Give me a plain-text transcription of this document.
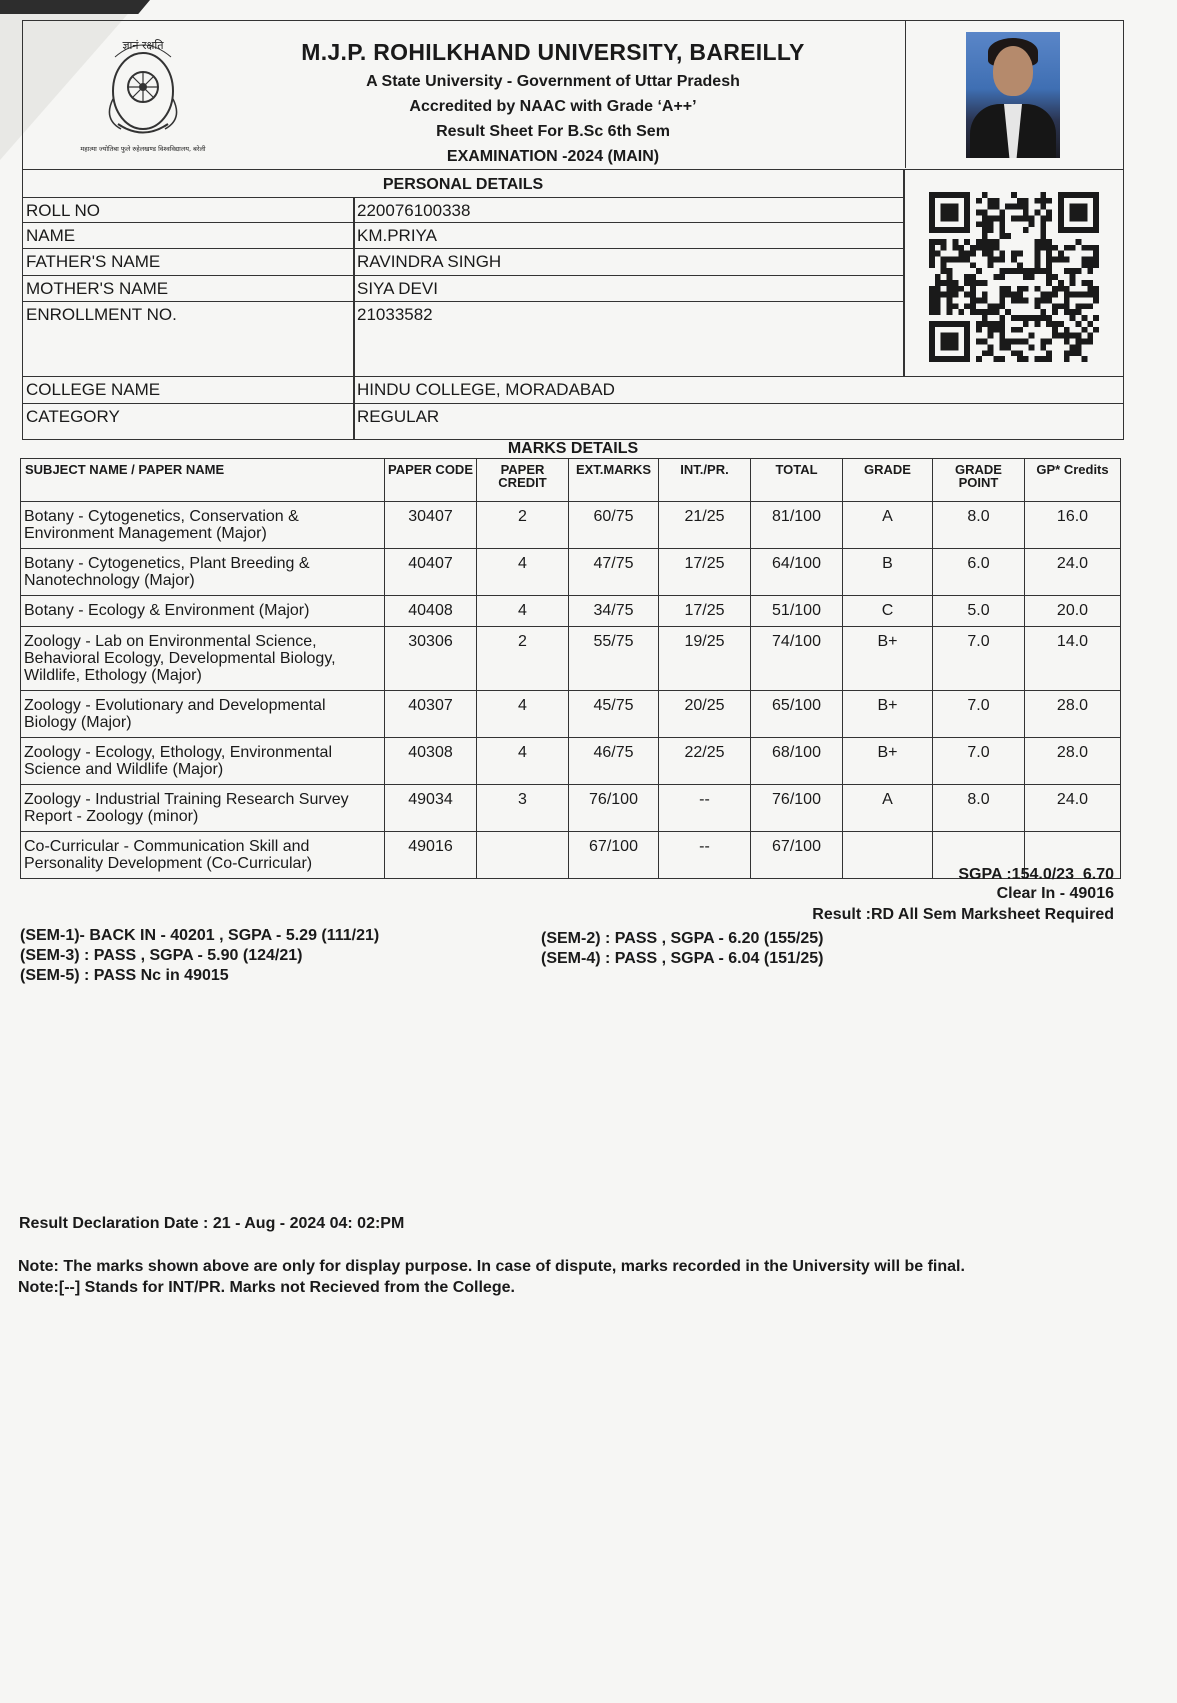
ज्ञानं रक्षति
महात्मा ज्योतिबा फुले रुहेलखण्ड विश्वविद्यालय, बरेली
M.J.P. ROHILKHAND UNIVERSITY, BAREILLY
A State University - Government of Uttar Pradesh
Accredited by NAAC with Grade ‘A++’
Result Sheet For B.Sc 6th Sem
EXAMINATION -2024 (MAIN)
PERSONAL DETAILS
ROLL NO	220076100338
NAME	KM.PRIYA
FATHER'S NAME	RAVINDRA SINGH
MOTHER'S NAME	SIYA DEVI
ENROLLMENT NO.	21033582
COLLEGE NAME	HINDU COLLEGE, MORADABAD
CATEGORY	REGULAR
MARKS DETAILS
SUBJECT NAME / PAPER NAME	PAPER CODE	PAPER CREDIT	EXT.MARKS	INT./PR.	TOTAL	GRADE	GRADE POINT	GP* Credits
Botany - Cytogenetics, Conservation & Environment Management (Major)	30407	2	60/75	21/25	81/100	A	8.0	16.0
Botany - Cytogenetics, Plant Breeding & Nanotechnology (Major)	40407	4	47/75	17/25	64/100	B	6.0	24.0
Botany - Ecology & Environment (Major)	40408	4	34/75	17/25	51/100	C	5.0	20.0
Zoology - Lab on Environmental Science, Behavioral Ecology, Developmental Biology, Wildlife, Ethology (Major)	30306	2	55/75	19/25	74/100	B+	7.0	14.0
Zoology - Evolutionary and Developmental Biology (Major)	40307	4	45/75	20/25	65/100	B+	7.0	28.0
Zoology - Ecology, Ethology, Environmental Science and Wildlife (Major)	40308	4	46/75	22/25	68/100	B+	7.0	28.0
Zoology - Industrial Training Research Survey Report - Zoology (minor)	49034	3	76/100	--	76/100	A	8.0	24.0
Co-Curricular - Communication Skill and Personality Development (Co-Curricular)	49016		67/100	--	67/100			
SGPA :154.0/23 6.70
Clear In - 49016
Result :RD All Sem Marksheet Required
(SEM-1)- BACK IN - 40201 , SGPA - 5.29 (111/21)
(SEM-3) : PASS , SGPA - 5.90 (124/21)
(SEM-5) : PASS Nc in 49015
(SEM-2) : PASS , SGPA - 6.20 (155/25)
(SEM-4) : PASS , SGPA - 6.04 (151/25)
Result Declaration Date : 21 - Aug - 2024 04: 02:PM
Note: The marks shown above are only for display purpose. In case of dispute, marks recorded in the University will be final.
Note:[--] Stands for INT/PR. Marks not Recieved from the College.
